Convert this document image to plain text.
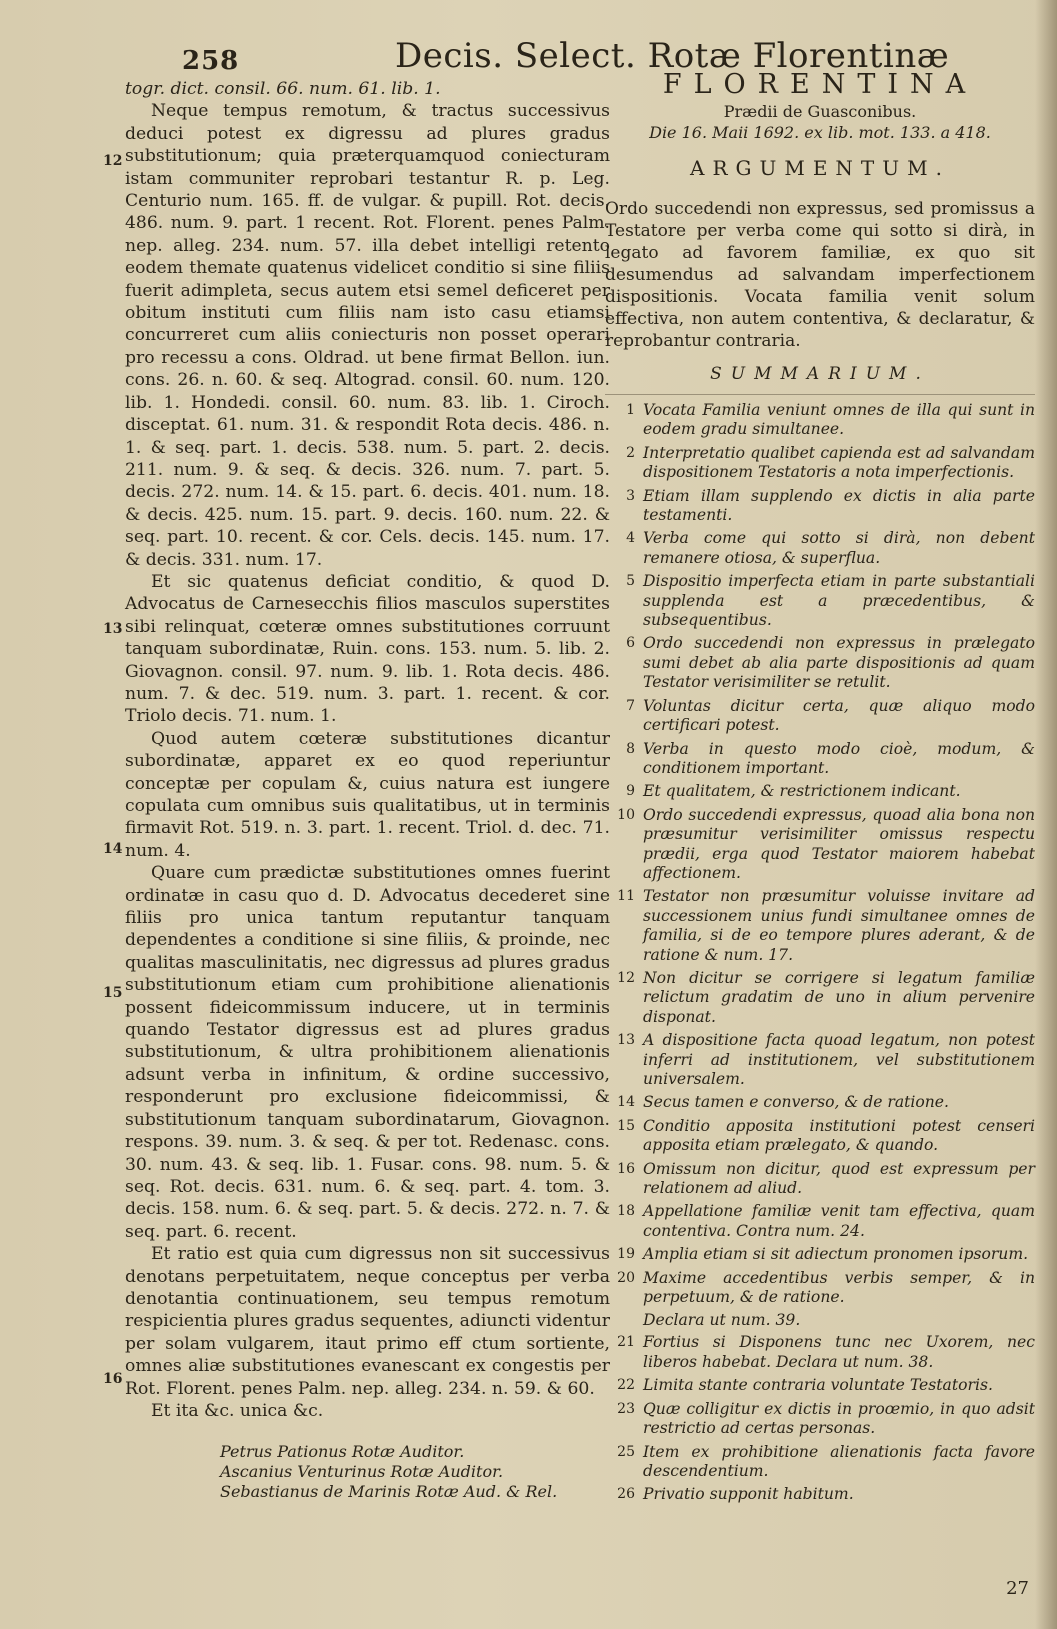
258	Decis. Select. Rotæ Florentinæ

togr. dict. consil. 66. num. 61. lib. 1.

Neque tempus remotum, & tractus successivus deduci potest ex digressu ad plures gradus substitutionum; quia præterquamquod coniecturam istam communiter reprobari testantur R. p. Leg. Centurio num. 165. ff. de vulgar. & pupill. Rot. decis. 486. num. 9. part. 1 recent. Rot. Florent. penes Palm. nep. alleg. 234. num. 57. illa debet intelligi retento eodem themate quatenus videlicet conditio si sine filiis fuerit adimpleta, secus autem etsi semel deficeret per obitum instituti cum filiis nam isto casu etiamsi concurreret cum aliis coniecturis non posset operari pro recessu a cons. Oldrad. ut bene firmat Bellon. iun. cons. 26. n. 60. & seq. Altograd. consil. 60. num. 120. lib. 1. Hondedi. consil. 60. num. 83. lib. 1. Ciroch. disceptat. 61. num. 31. & respondit Rota decis. 486. n. 1. & seq. part. 1. decis. 538. num. 5. part. 2. decis. 211. num. 9. & seq. & decis. 326. num. 7. part. 5. decis. 272. num. 14. & 15. part. 6. decis. 401. num. 18. & decis. 425. num. 15. part. 9. decis. 160. num. 22. & seq. part. 10. recent. & cor. Cels. decis. 145. num. 17. & decis. 331. num. 17.

Et sic quatenus deficiat conditio, & quod D. Advocatus de Carnesecchis filios masculos superstites sibi relinquat, cœteræ omnes substitutiones corruunt tanquam subordinatæ, Ruin. cons. 153. num. 5. lib. 2. Giovagnon. consil. 97. num. 9. lib. 1. Rota decis. 486. num. 7. & dec. 519. num. 3. part. 1. recent. & cor. Triolo decis. 71. num. 1.

Quod autem cœteræ substitutiones dicantur subordinatæ, apparet ex eo quod reperiuntur conceptæ per copulam &, cuius natura est iungere copulata cum omnibus suis qualitatibus, ut in terminis firmavit Rot. 519. n. 3. part. 1. recent. Triol. d. dec. 71. num. 4.

Quare cum prædictæ substitutiones omnes fuerint ordinatæ in casu quo d. D. Advocatus decederet sine filiis pro unica tantum reputantur tanquam dependentes a conditione si sine filiis, & proinde, nec qualitas masculinitatis, nec digressus ad plures gradus substitutionum etiam cum prohibitione alienationis possent fideicommissum inducere, ut in terminis quando Testator digressus est ad plures gradus substitutionum, & ultra prohibitionem alienationis adsunt verba in infinitum, & ordine successivo, responderunt pro exclusione fideicommissi, & substitutionum tanquam subordinatarum, Giovagnon. respons. 39. num. 3. & seq. & per tot. Redenasc. cons. 30. num. 43. & seq. lib. 1. Fusar. cons. 98. num. 5. & seq. Rot. decis. 631. num. 6. & seq. part. 4. tom. 3. decis. 158. num. 6. & seq. part. 5. & decis. 272. n. 7. & seq. part. 6. recent.

Et ratio est quia cum digressus non sit successivus denotans perpetuitatem, neque conceptus per verba denotantia continuationem, seu tempus remotum respicientia plures gradus sequentes, adiuncti videntur per solam vulgarem, itaut primo eff ctum sortiente, omnes aliæ substitutiones evanescant ex congestis per Rot. Florent. penes Palm. nep. alleg. 234. n. 59. & 60.

Et ita &c. unica &c.

12
13
14
15
16
Petrus Pationus Rotæ Auditor.
Ascanius Venturinus Rotæ Auditor.
Sebastianus de Marinis Rotæ Aud. & Rel.

FLORENTINA

Prædii de Guasconibus.

Die 16. Maii 1692. ex lib. mot. 133. a 418.

ARGUMENTUM.

Ordo succedendi non expressus, sed promissus a Testatore per verba come qui sotto si dirà, in legato ad favorem familiæ, ex quo sit desumendus ad salvandam imperfectionem dispositionis. Vocata familia venit solum effectiva, non autem contentiva, & declaratur, & reprobantur contraria.

SUMMARIUM.
1 Vocata Familia veniunt omnes de illa qui sunt in eodem gradu simultanee.
2 Interpretatio qualibet capienda est ad salvandam dispositionem Testatoris a nota imperfectionis.
3 Etiam illam supplendo ex dictis in alia parte testamenti.
4 Verba come qui sotto si dirà, non debent remanere otiosa, & superflua.
5 Dispositio imperfecta etiam in parte substantiali supplenda est a præcedentibus, & subsequentibus.
6 Ordo succedendi non expressus in prælegato sumi debet ab alia parte dispositionis ad quam Testator verisimiliter se retulit.
7 Voluntas dicitur certa, quæ aliquo modo certificari potest.
8 Verba in questo modo cioè, modum, & conditionem important.
9 Et qualitatem, & restrictionem indicant.
10 Ordo succedendi expressus, quoad alia bona non præsumitur verisimiliter omissus respectu prædii, erga quod Testator maiorem habebat affectionem.
11 Testator non præsumitur voluisse invitare ad successionem unius fundi simultanee omnes de familia, si de eo tempore plures aderant, & de ratione & num. 17.
12 Non dicitur se corrigere si legatum familiæ relictum gradatim de uno in alium pervenire disponat.
13 A dispositione facta quoad legatum, non potest inferri ad institutionem, vel substitutionem universalem.
14 Secus tamen e converso, & de ratione.
15 Conditio apposita institutioni potest censeri apposita etiam prælegato, & quando.
16 Omissum non dicitur, quod est expressum per relationem ad aliud.
18 Appellatione familiæ venit tam effectiva, quam contentiva. Contra num. 24.
19 Amplia etiam si sit adiectum pronomen ipsorum.
20 Maxime accedentibus verbis semper, & in perpetuum, & de ratione.
Declara ut num. 39.
21 Fortius si Disponens tunc nec Uxorem, nec liberos habebat. Declara ut num. 38.
22 Limita stante contraria voluntate Testatoris.
23 Quæ colligitur ex dictis in proœmio, in quo adsit restrictio ad certas personas.
25 Item ex prohibitione alienationis facta favore descendentium.
26 Privatio supponit habitum.
27
